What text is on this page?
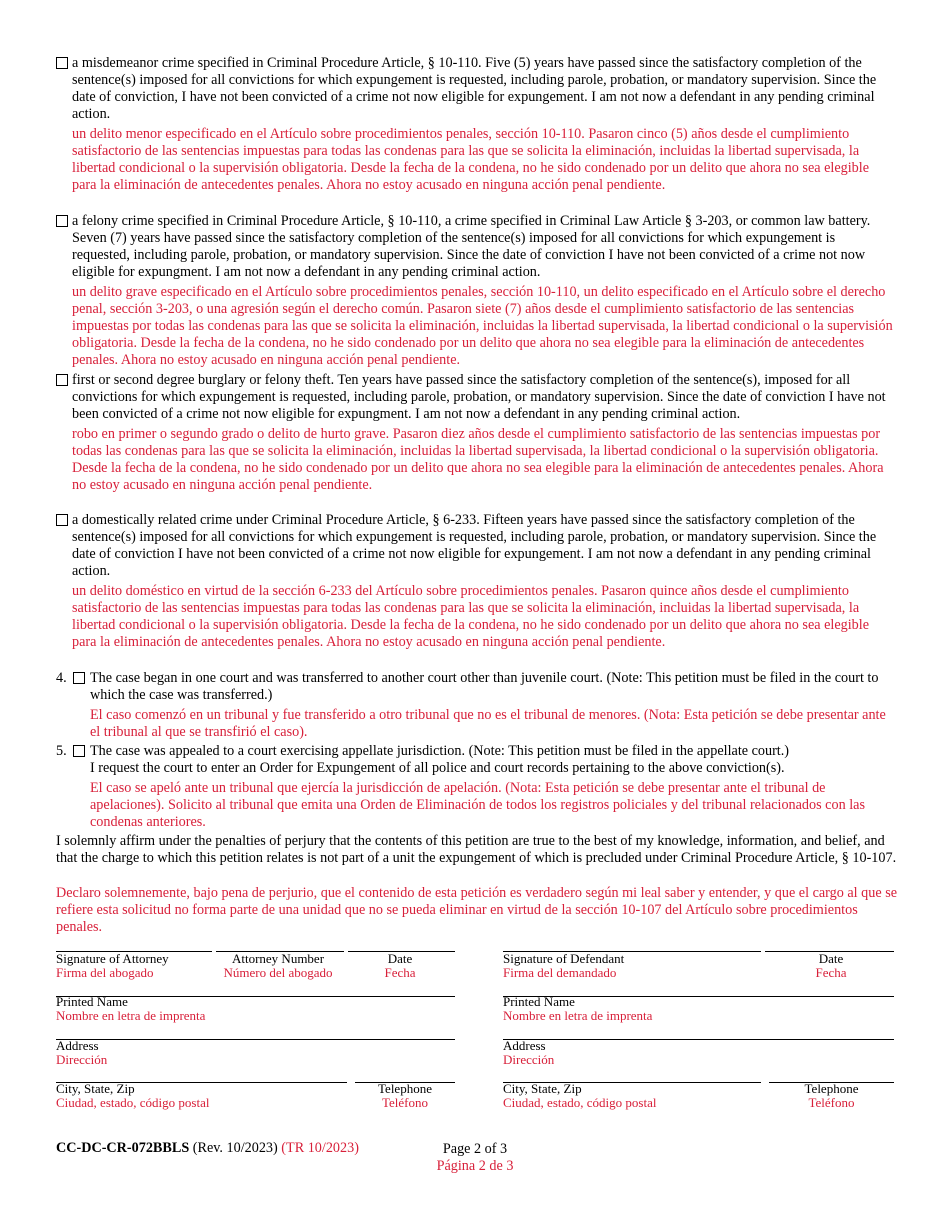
a misdemeanor crime specified in Criminal Procedure Article, § 10-110. Five (5) years have passed since the satisfactory completion of the sentence(s) imposed for all convictions for which expungement is requested, including parole, probation, or mandatory supervision. Since the date of conviction, I have not been convicted of a crime not now eligible for expungement. I am not now a defendant in any pending criminal action.
un delito menor especificado en el Artículo sobre procedimientos penales, sección 10-110. Pasaron cinco (5) años desde el cumplimiento satisfactorio de las sentencias impuestas para todas las condenas para las que se solicita la eliminación, incluidas la libertad supervisada, la libertad condicional o la supervisión obligatoria. Desde la fecha de la condena, no he sido condenado por un delito que ahora no sea elegible para la eliminación de antecedentes penales. Ahora no estoy acusado en ninguna acción penal pendiente.
a felony crime specified in Criminal Procedure Article, § 10-110, a crime specified in Criminal Law Article § 3-203, or common law battery. Seven (7) years have passed since the satisfactory completion of the sentence(s) imposed for all convictions for which expungement is requested, including parole, probation, or mandatory supervision. Since the date of conviction I have not been convicted of a crime not now eligible for expungment. I am not now a defendant in any pending criminal action.
un delito grave especificado en el Artículo sobre procedimientos penales, sección 10-110, un delito especificado en el Artículo sobre el derecho penal, sección 3-203, o una agresión según el derecho común. Pasaron siete (7) años desde el cumplimiento satisfactorio de las sentencias impuestas por todas las condenas para las que se solicita la eliminación, incluidas la libertad supervisada, la libertad condicional o la supervisión obligatoria. Desde la fecha de la condena, no he sido condenado por un delito que ahora no sea elegible para la eliminación de antecedentes penales. Ahora no estoy acusado en ninguna acción penal pendiente.
first or second degree burglary or felony theft. Ten years have passed since the satisfactory completion of the sentence(s), imposed for all convictions for which expungement is requested, including parole, probation, or mandatory supervision. Since the date of conviction I have not been convicted of a crime not now eligible for expungment. I am not now a defendant in any pending criminal action.
robo en primer o segundo grado o delito de hurto grave. Pasaron diez años desde el cumplimiento satisfactorio de las sentencias impuestas por todas las condenas para las que se solicita la eliminación, incluidas la libertad supervisada, la libertad condicional o la supervisión obligatoria. Desde la fecha de la condena, no he sido condenado por un delito que ahora no sea elegible para la eliminación de antecedentes penales. Ahora no estoy acusado en ninguna acción penal pendiente.
a domestically related crime under Criminal Procedure Article, § 6-233. Fifteen years have passed since the satisfactory completion of the sentence(s) imposed for all convictions for which expungement is requested, including parole, probation, or mandatory supervision. Since the date of conviction I have not been convicted of a crime not now eligible for expungement. I am not now a defendant in any pending criminal action.
un delito doméstico en virtud de la sección 6-233 del Artículo sobre procedimientos penales. Pasaron quince años desde el cumplimiento satisfactorio de las sentencias impuestas para todas las condenas para las que se solicita la eliminación, incluidas la libertad supervisada, la libertad condicional o la supervisión obligatoria. Desde la fecha de la condena, no he sido condenado por un delito que ahora no sea elegible para la eliminación de antecedentes penales. Ahora no estoy acusado en ninguna acción penal pendiente.
4. The case began in one court and was transferred to another court other than juvenile court. (Note: This petition must be filed in the court to which the case was transferred.)
El caso comenzó en un tribunal y fue transferido a otro tribunal que no es el tribunal de menores. (Nota: Esta petición se debe presentar ante el tribunal al que se transfirió el caso).
5. The case was appealed to a court exercising appellate jurisdiction. (Note: This petition must be filed in the appellate court.)
I request the court to enter an Order for Expungement of all police and court records pertaining to the above conviction(s).
El caso se apeló ante un tribunal que ejercía la jurisdicción de apelación. (Nota: Esta petición se debe presentar ante el tribunal de apelaciones). Solicito al tribunal que emita una Orden de Eliminación de todos los registros policiales y del tribunal relacionados con las condenas anteriores.
I solemnly affirm under the penalties of perjury that the contents of this petition are true to the best of my knowledge, information, and belief, and that the charge to which this petition relates is not part of a unit the expungement of which is precluded under Criminal Procedure Article, § 10-107.
Declaro solemnemente, bajo pena de perjurio, que el contenido de esta petición es verdadero según mi leal saber y entender, y que el cargo al que se refiere esta solicitud no forma parte de una unidad que no se pueda eliminar en virtud de la sección 10-107 del Artículo sobre procedimientos penales.
Signature of Attorney
Firma del abogado
Attorney Number
Número del abogado
Date
Fecha
Signature of Defendant
Firma del demandado
Date
Fecha
Printed Name
Nombre en letra de imprenta
Printed Name
Nombre en letra de imprenta
Address
Dirección
Address
Dirección
City, State, Zip
Ciudad, estado, código postal
Telephone
Teléfono
City, State, Zip
Ciudad, estado, código postal
Telephone
Teléfono
CC-DC-CR-072BBLS (Rev. 10/2023) (TR 10/2023)	Page 2 of 3
Página 2 de 3
